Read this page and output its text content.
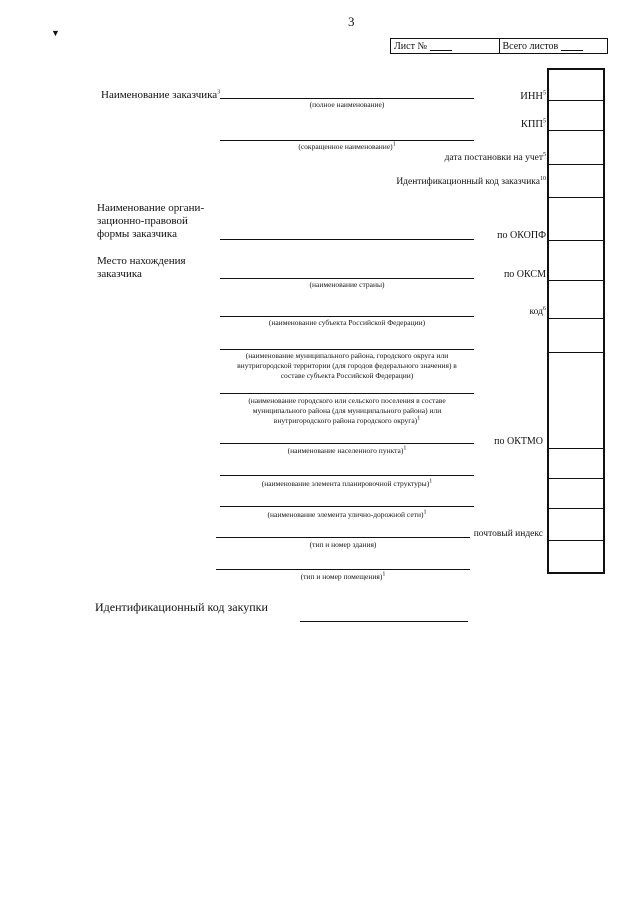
3
▼
Лист №	Всего листов
Наименование заказчика$^3$
(полное наименование)
(сокращенное наименование)$^1$
ИНН$^5$
КПП$^5$
дата постановки на учет$^5$
Идентификационный код заказчика$^{10}$
по ОКОПФ
по ОКСМ
код$^6$
по ОКТМО
почтовый индекс
Наименование органи-
зационно-правовой
формы заказчика
Место нахождения
заказчика
(наименование страны)
(наименование субъекта Российской Федерации)
(наименование муниципального района, городского округа или
внутригородской территории (для городов федерального значения) в
составе субъекта Российской Федерации)
(наименование городского или сельского поселения в составе
муниципального района (для муниципального района) или
внутригородского района городского округа)$^1$
(наименование населенного пункта)$^1$
(наименование элемента планировочной структуры)$^1$
(наименование элемента улично-дорожной сети)$^1$
(тип и номер здания)
(тип и номер помещения)$^1$
Идентификационный код закупки
